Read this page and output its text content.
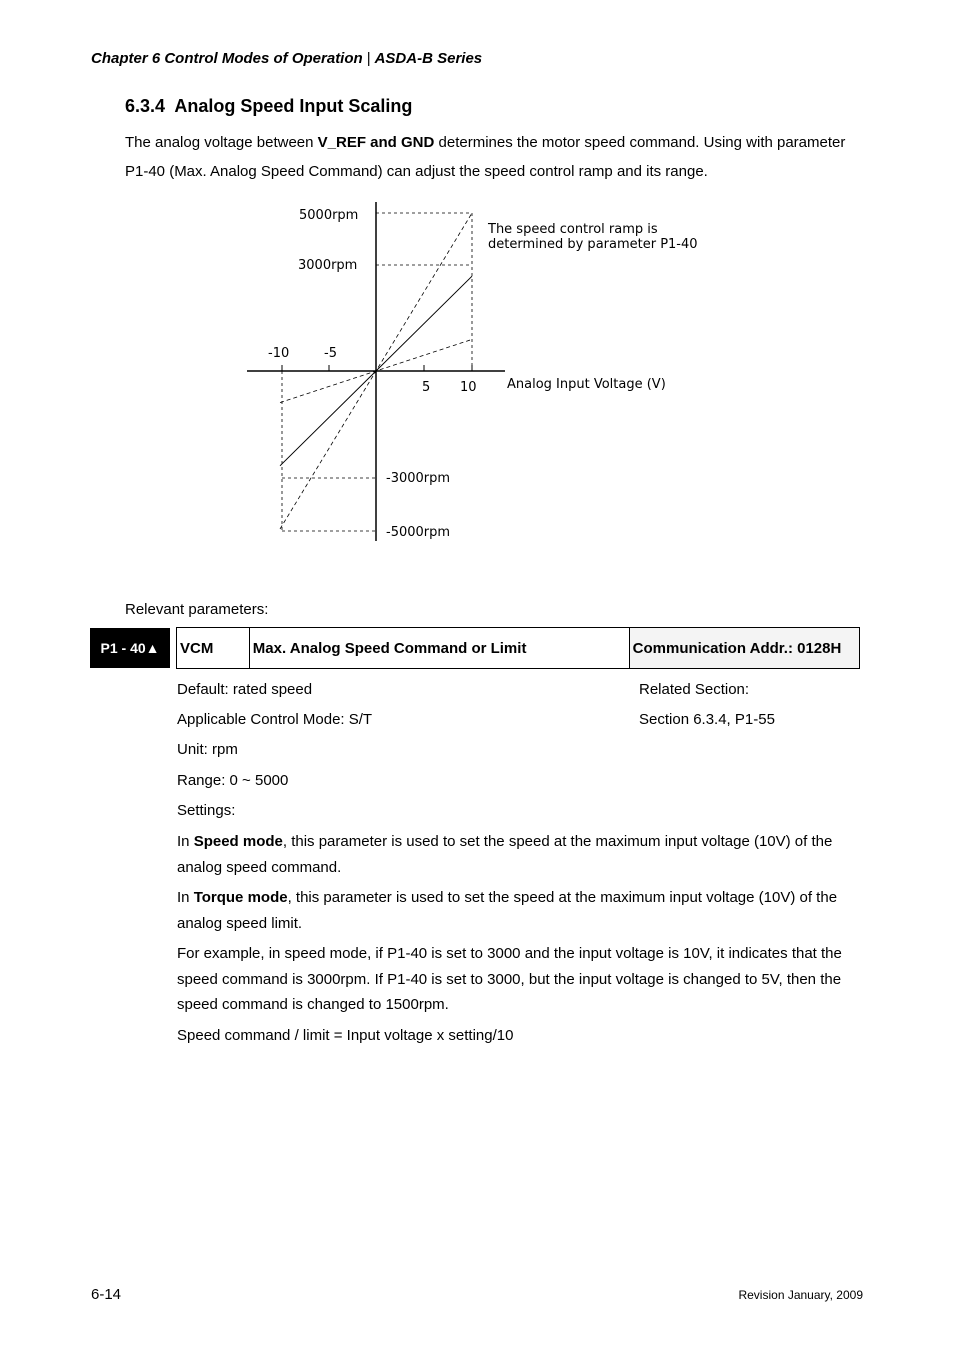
Chapter 6 Control Modes of Operation | ASDA-B Series
6.3.4 Analog Speed Input Scaling
The analog voltage between V_REF and GND determines the motor speed command. Using with parameter P1-40 (Max. Analog Speed Command) can adjust the speed control ramp and its range.
5000rpm
3000rpm
-3000rpm
-5000rpm
-10	-5
5 10 Analog Input Voltage (V)
The speed control ramp is
determined by parameter P1-40
Relevant parameters:
P1 - 40▲	VCM	Max. Analog Speed Command or Limit	Communication Addr.: 0128H
Default: rated speed	Related Section:
Applicable Control Mode: S/T	Section 6.3.4, P1-55
Unit: rpm
Range: 0 ~ 5000
Settings:
In Speed mode, this parameter is used to set the speed at the maximum input voltage (10V) of the analog speed command.
In Torque mode, this parameter is used to set the speed at the maximum input voltage (10V) of the analog speed limit.
For example, in speed mode, if P1-40 is set to 3000 and the input voltage is 10V, it indicates that the speed command is 3000rpm. If P1-40 is set to 3000, but the input voltage is changed to 5V, then the speed command is changed to 1500rpm.
Speed command / limit = Input voltage x setting/10
6-14	Revision January, 2009
